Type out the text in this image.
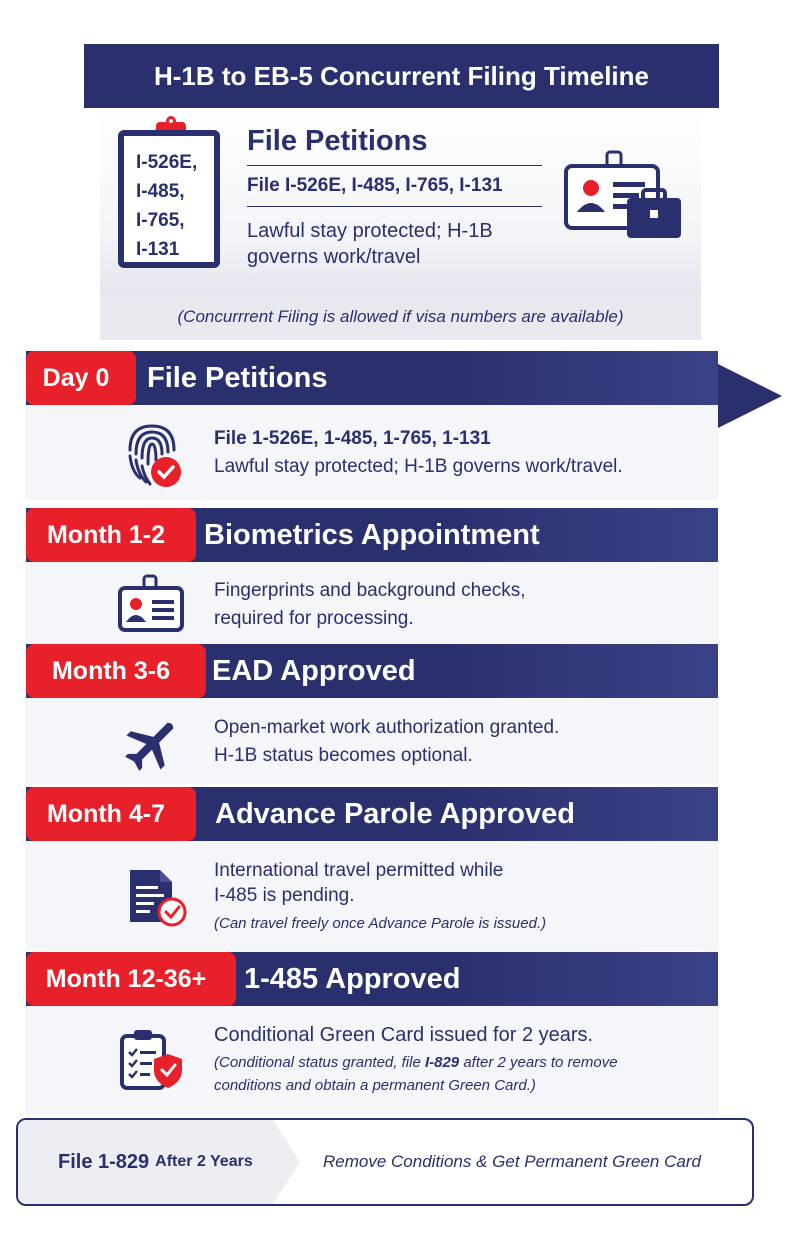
H-1B to EB-5 Concurrent Filing Timeline
I-526E,
I-485,
I-765,
I-131
File Petitions
File I-526E, I-485, I-765, I-131
Lawful stay protected; H-1B
governs work/travel
(Concurrrent Filing is allowed if visa numbers are available)
Day 0	File Petitions
File 1-526E, 1-485, 1-765, 1-131
Lawful stay protected; H-1B governs work/travel.
Month 1-2	Biometrics Appointment
Fingerprints and background checks,
required for processing.
Month 3-6	EAD Approved
Open-market work authorization granted.
H-1B status becomes optional.
Month 4-7	Advance Parole Approved
International travel permitted while
I-485 is pending.
(Can travel freely once Advance Parole is issued.)
Month 12-36+	1-485 Approved
Conditional Green Card issued for 2 years.
(Conditional status granted, file I-829 after 2 years to remove
conditions and obtain a permanent Green Card.)
File 1-829 After 2 Years	Remove Conditions & Get Permanent Green Card
